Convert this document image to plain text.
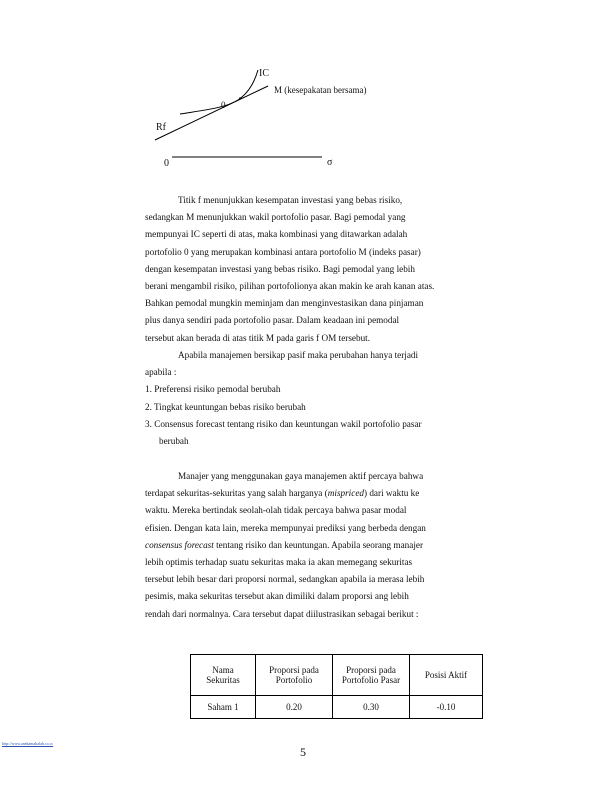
IC
M (kesepakatan bersama)
0
Rf
0	σ
Titik f menunjukkan kesempatan investasi yang bebas risiko,
sedangkan M menunjukkan wakil portofolio pasar. Bagi pemodal yang
mempunyai IC seperti di atas, maka kombinasi yang ditawarkan adalah
portofolio 0 yang merupakan kombinasi antara portofolio M (indeks pasar)
dengan kesempatan investasi yang bebas risiko. Bagi pemodal yang lebih
berani mengambil risiko, pilihan portofolionya akan makin ke arah kanan atas.
Bahkan pemodal mungkin meminjam dan menginvestasikan dana pinjaman
plus danya sendiri pada portofolio pasar. Dalam keadaan ini pemodal
tersebut akan berada di atas titik M pada garis f OM tersebut.
Apabila manajemen bersikap pasif maka perubahan hanya terjadi
apabila :
1. Preferensi risiko pemodal berubah
2. Tingkat keuntungan bebas risiko berubah
3. Consensus forecast tentang risiko dan keuntungan wakil portofolio pasar
berubah
Manajer yang menggunakan gaya manajemen aktif percaya bahwa
terdapat sekuritas-sekuritas yang salah harganya (mispriced) dari waktu ke
waktu. Mereka bertindak seolah-olah tidak percaya bahwa pasar modal
efisien. Dengan kata lain, mereka mempunyai prediksi yang berbeda dengan
consensus forecast tentang risiko dan keuntungan. Apabila seorang manajer
lebih optimis terhadap suatu sekuritas maka ia akan memegang sekuritas
tersebut lebih besar dari proporsi normal, sedangkan apabila ia merasa lebih
pesimis, maka sekuritas tersebut akan dimiliki dalam proporsi ang lebih
rendah dari normalnya. Cara tersebut dapat diilustrasikan sebagai berikut :
Nama Sekuritas	Proporsi pada Portofolio	Proporsi pada Portofolio Pasar	Posisi Aktif
Saham 1	0.20	0.30	-0.10
http://www.anekamakalah.co.cc
5
